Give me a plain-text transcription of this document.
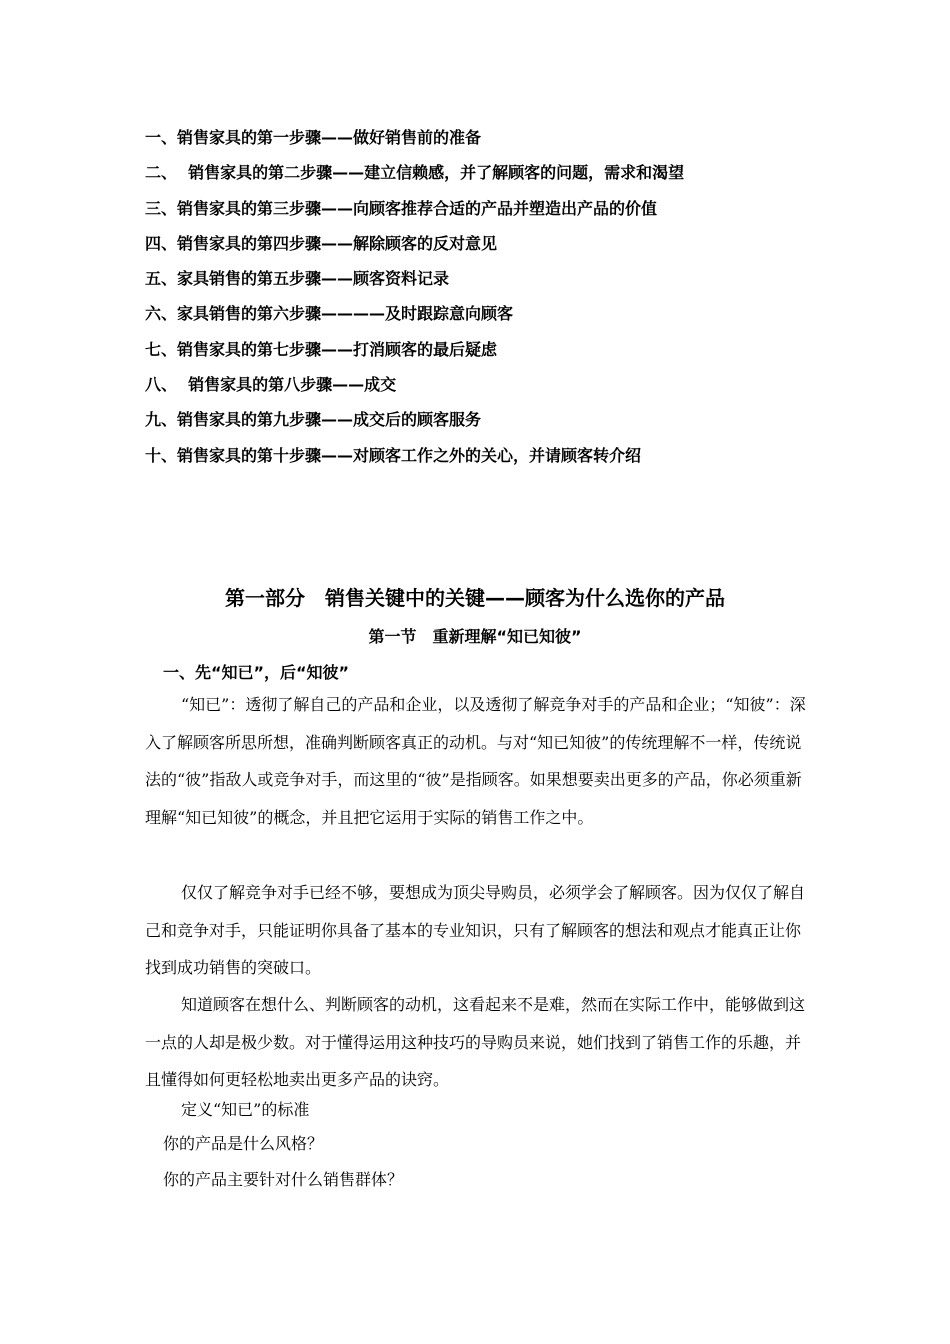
一、销售家具的第一步骤——做好销售前的准备
二、  销售家具的第二步骤——建立信赖感，并了解顾客的问题，需求和渴望
三、销售家具的第三步骤——向顾客推荐合适的产品并塑造出产品的价值
四、销售家具的第四步骤——解除顾客的反对意见
五、家具销售的第五步骤——顾客资料记录
六、家具销售的第六步骤————及时跟踪意向顾客
七、销售家具的第七步骤——打消顾客的最后疑虑
八、  销售家具的第八步骤——成交
九、销售家具的第九步骤——成交后的顾客服务
十、销售家具的第十步骤——对顾客工作之外的关心，并请顾客转介绍
第一部分　销售关键中的关键——顾客为什么选你的产品
第一节　重新理解“知已知彼”
一、先“知已”，后“知彼”

“知已”：透彻了解自己的产品和企业，以及透彻了解竞争对手的产品和企业；“知彼”：深入了解顾客所思所想，准确判断顾客真正的动机。与对“知已知彼”的传统理解不一样，传统说法的“彼”指敌人或竞争对手，而这里的“彼”是指顾客。如果想要卖出更多的产品，你必须重新理解“知已知彼”的概念，并且把它运用于实际的销售工作之中。

仅仅了解竞争对手已经不够，要想成为顶尖导购员，必须学会了解顾客。因为仅仅了解自己和竞争对手，只能证明你具备了基本的专业知识，只有了解顾客的想法和观点才能真正让你找到成功销售的突破口。

知道顾客在想什么、判断顾客的动机，这看起来不是难，然而在实际工作中，能够做到这一点的人却是极少数。对于懂得运用这种技巧的导购员来说，她们找到了销售工作的乐趣，并且懂得如何更轻松地卖出更多产品的诀窍。

定义“知已”的标准

你的产品是什么风格？

你的产品主要针对什么销售群体？
